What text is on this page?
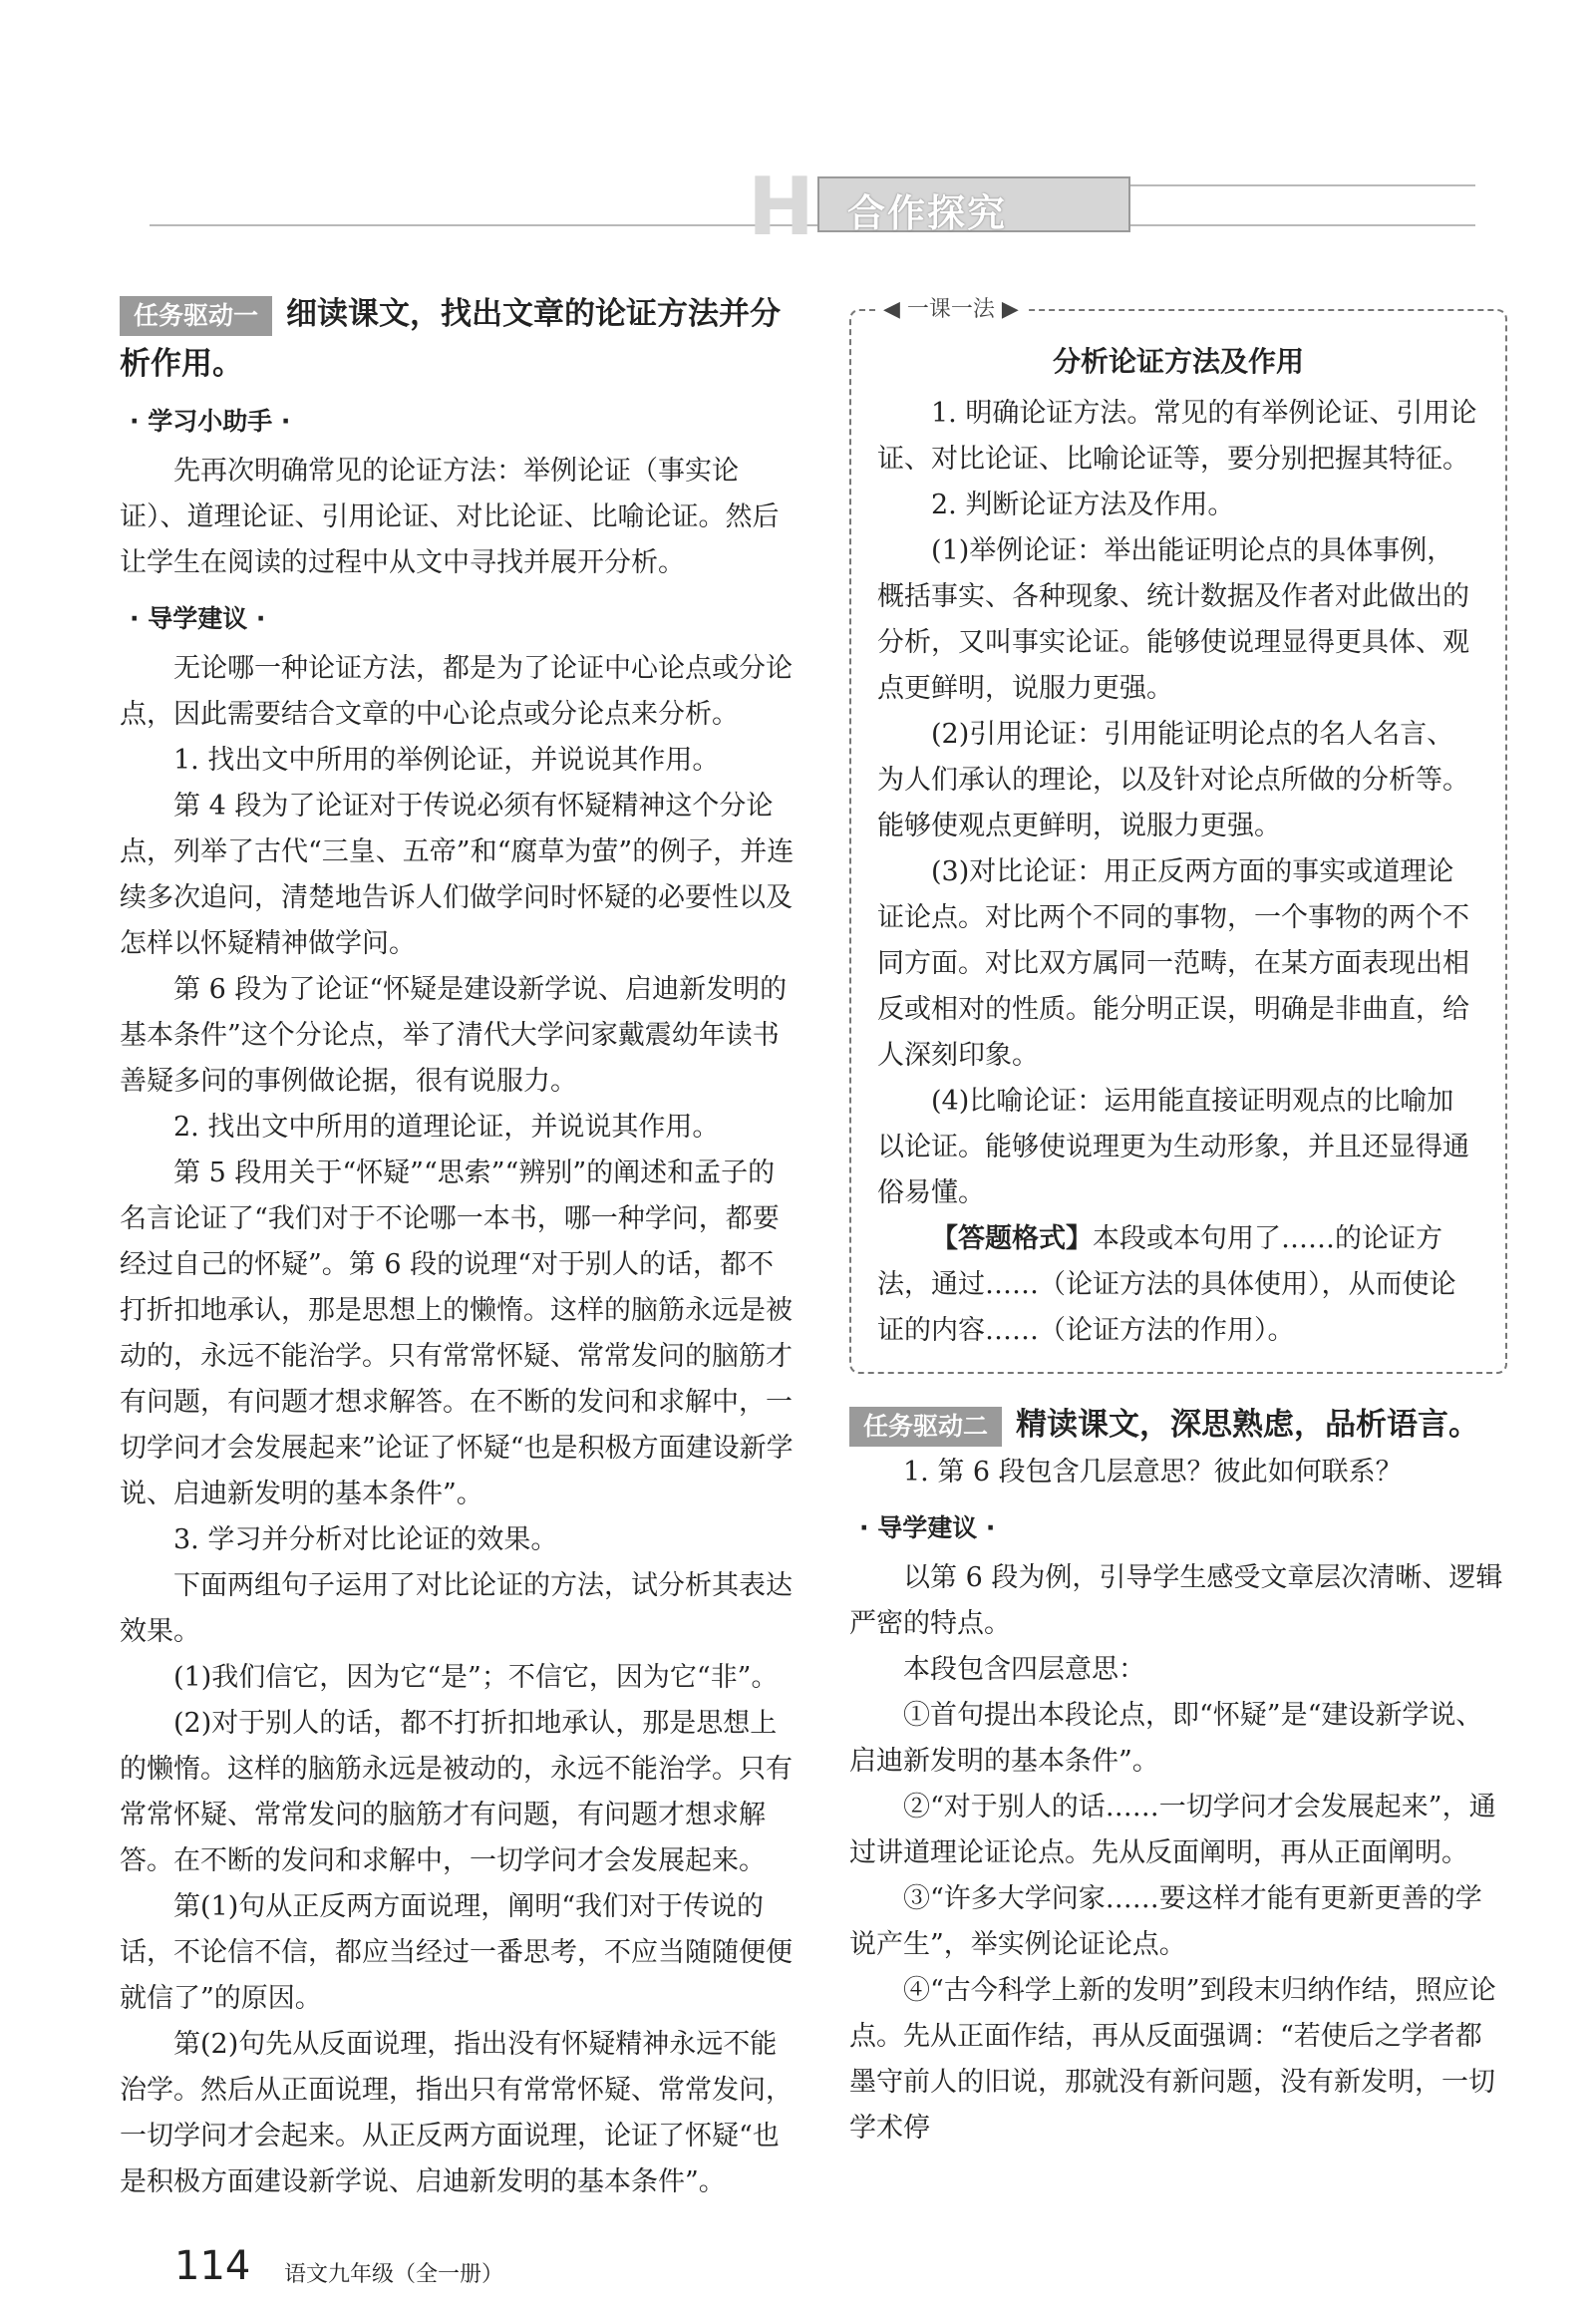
H 合作探究

任务驱动一 细读课文，找出文章的论证方法并分析作用。

· 学习小助手 ·

先再次明确常见的论证方法：举例论证（事实论证）、道理论证、引用论证、对比论证、比喻论证。然后让学生在阅读的过程中从文中寻找并展开分析。

· 导学建议 ·

无论哪一种论证方法，都是为了论证中心论点或分论点，因此需要结合文章的中心论点或分论点来分析。

1. 找出文中所用的举例论证，并说说其作用。

第 4 段为了论证对于传说必须有怀疑精神这个分论点，列举了古代“三皇、五帝”和“腐草为萤”的例子，并连续多次追问，清楚地告诉人们做学问时怀疑的必要性以及怎样以怀疑精神做学问。

第 6 段为了论证“怀疑是建设新学说、启迪新发明的基本条件”这个分论点，举了清代大学问家戴震幼年读书善疑多问的事例做论据，很有说服力。

2. 找出文中所用的道理论证，并说说其作用。

第 5 段用关于“怀疑”“思索”“辨别”的阐述和孟子的名言论证了“我们对于不论哪一本书，哪一种学问，都要经过自己的怀疑”。第 6 段的说理“对于别人的话，都不打折扣地承认，那是思想上的懒惰。这样的脑筋永远是被动的，永远不能治学。只有常常怀疑、常常发问的脑筋才有问题，有问题才想求解答。在不断的发问和求解中，一切学问才会发展起来”论证了怀疑“也是积极方面建设新学说、启迪新发明的基本条件”。

3. 学习并分析对比论证的效果。

下面两组句子运用了对比论证的方法，试分析其表达效果。

(1)我们信它，因为它“是”；不信它，因为它“非”。

(2)对于别人的话，都不打折扣地承认，那是思想上的懒惰。这样的脑筋永远是被动的，永远不能治学。只有常常怀疑、常常发问的脑筋才有问题，有问题才想求解答。在不断的发问和求解中，一切学问才会发展起来。

第(1)句从正反两方面说理，阐明“我们对于传说的话，不论信不信，都应当经过一番思考，不应当随随便便就信了”的原因。

第(2)句先从反面说理，指出没有怀疑精神永远不能治学。然后从正面说理，指出只有常常怀疑、常常发问，一切学问才会起来。从正反两方面说理，论证了怀疑“也是积极方面建设新学说、启迪新发明的基本条件”。

◀ 一课一法 ▶

分析论证方法及作用

1. 明确论证方法。常见的有举例论证、引用论证、对比论证、比喻论证等，要分别把握其特征。

2. 判断论证方法及作用。

(1)举例论证：举出能证明论点的具体事例，概括事实、各种现象、统计数据及作者对此做出的分析，又叫事实论证。能够使说理显得更具体、观点更鲜明，说服力更强。

(2)引用论证：引用能证明论点的名人名言、为人们承认的理论，以及针对论点所做的分析等。能够使观点更鲜明，说服力更强。

(3)对比论证：用正反两方面的事实或道理论证论点。对比两个不同的事物，一个事物的两个不同方面。对比双方属同一范畴，在某方面表现出相反或相对的性质。能分明正误，明确是非曲直，给人深刻印象。

(4)比喻论证：运用能直接证明观点的比喻加以论证。能够使说理更为生动形象，并且还显得通俗易懂。

【答题格式】本段或本句用了……的论证方法，通过……（论证方法的具体使用），从而使论证的内容……（论证方法的作用）。

任务驱动二 精读课文，深思熟虑，品析语言。

1. 第 6 段包含几层意思？彼此如何联系？

· 导学建议 ·

以第 6 段为例，引导学生感受文章层次清晰、逻辑严密的特点。

本段包含四层意思：

①首句提出本段论点，即“怀疑”是“建设新学说、启迪新发明的基本条件”。

②“对于别人的话……一切学问才会发展起来”，通过讲道理论证论点。先从反面阐明，再从正面阐明。

③“许多大学问家……要这样才能有更新更善的学说产生”，举实例论证论点。

④“古今科学上新的发明”到段末归纳作结，照应论点。先从正面作结，再从反面强调：“若使后之学者都墨守前人的旧说，那就没有新问题，没有新发明，一切学术停

114 语文九年级（全一册）
